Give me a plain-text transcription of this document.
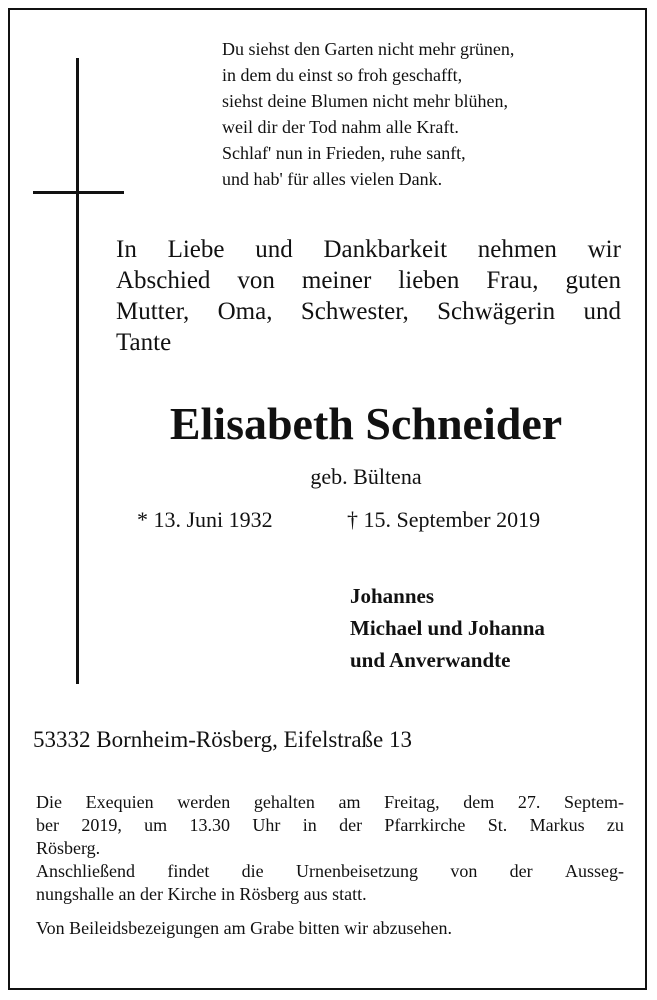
Du siehst den Garten nicht mehr grünen,
in dem du einst so froh geschafft,
siehst deine Blumen nicht mehr blühen,
weil dir der Tod nahm alle Kraft.
Schlaf' nun in Frieden, ruhe sanft,
und hab' für alles vielen Dank.
In Liebe und Dankbarkeit nehmen wir
Abschied von meiner lieben Frau, guten
Mutter, Oma, Schwester, Schwägerin und
Tante
Elisabeth Schneider
geb. Bültena
* 13. Juni 1932	† 15. September 2019
Johannes
Michael und Johanna
und Anverwandte
53332 Bornheim-Rösberg, Eifelstraße 13
Die Exequien werden gehalten am Freitag, dem 27. Septem-
ber 2019, um 13.30 Uhr in der Pfarrkirche St. Markus zu
Rösberg.
Anschließend findet die Urnenbeisetzung von der Ausseg-
nungshalle an der Kirche in Rösberg aus statt.
Von Beileidsbezeigungen am Grabe bitten wir abzusehen.
